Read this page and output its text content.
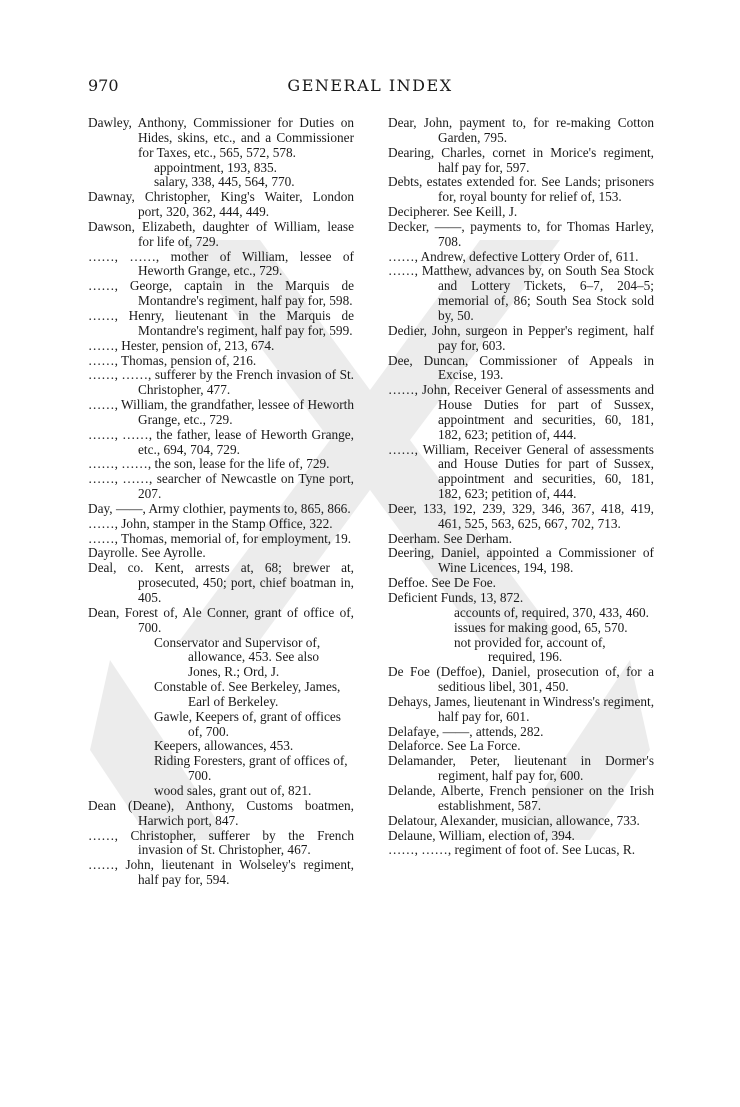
970	GENERAL INDEX

Dawley, Anthony, Commissioner for Duties on Hides, skins, etc., and a Commissioner for Taxes, etc., 565, 572, 578.

appointment, 193, 835.

salary, 338, 445, 564, 770.

Dawnay, Christopher, King's Waiter, London port, 320, 362, 444, 449.

Dawson, Elizabeth, daughter of William, lease for life of, 729.

……, ……, mother of William, lessee of Heworth Grange, etc., 729.

……, George, captain in the Marquis de Montandre's regiment, half pay for, 598.

……, Henry, lieutenant in the Marquis de Montandre's regiment, half pay for, 599.

……, Hester, pension of, 213, 674.

……, Thomas, pension of, 216.

……, ……, sufferer by the French invasion of St. Christopher, 477.

……, William, the grandfather, lessee of Heworth Grange, etc., 729.

……, ……, the father, lease of Heworth Grange, etc., 694, 704, 729.

……, ……, the son, lease for the life of, 729.

……, ……, searcher of Newcastle on Tyne port, 207.

Day, ——, Army clothier, payments to, 865, 866.

……, John, stamper in the Stamp Office, 322.

……, Thomas, memorial of, for employment, 19.

Dayrolle. See Ayrolle.

Deal, co. Kent, arrests at, 68; brewer at, prosecuted, 450; port, chief boatman in, 405.

Dean, Forest of, Ale Conner, grant of office of, 700.

Conservator and Supervisor of, allowance, 453. See also Jones, R.; Ord, J.

Constable of. See Berkeley, James, Earl of Berkeley.

Gawle, Keepers of, grant of offices of, 700.

Keepers, allowances, 453.

Riding Foresters, grant of offices of, 700.

wood sales, grant out of, 821.

Dean (Deane), Anthony, Customs boatmen, Harwich port, 847.

……, Christopher, sufferer by the French invasion of St. Christopher, 467.

……, John, lieutenant in Wolseley's regiment, half pay for, 594.

Dear, John, payment to, for re-making Cotton Garden, 795.

Dearing, Charles, cornet in Morice's regiment, half pay for, 597.

Debts, estates extended for. See Lands; prisoners for, royal bounty for relief of, 153.

Decipherer. See Keill, J.

Decker, ——, payments to, for Thomas Harley, 708.

……, Andrew, defective Lottery Order of, 611.

……, Matthew, advances by, on South Sea Stock and Lottery Tickets, 6–7, 204–5; memorial of, 86; South Sea Stock sold by, 50.

Dedier, John, surgeon in Pepper's regiment, half pay for, 603.

Dee, Duncan, Commissioner of Appeals in Excise, 193.

……, John, Receiver General of assessments and House Duties for part of Sussex, appointment and securities, 60, 181, 182, 623; petition of, 444.

……, William, Receiver General of assessments and House Duties for part of Sussex, appointment and securities, 60, 181, 182, 623; petition of, 444.

Deer, 133, 192, 239, 329, 346, 367, 418, 419, 461, 525, 563, 625, 667, 702, 713.

Deerham. See Derham.

Deering, Daniel, appointed a Commissioner of Wine Licences, 194, 198.

Deffoe. See De Foe.

Deficient Funds, 13, 872.

accounts of, required, 370, 433, 460.

issues for making good, 65, 570.

not provided for, account of, required, 196.

De Foe (Deffoe), Daniel, prosecution of, for a seditious libel, 301, 450.

Dehays, James, lieutenant in Windress's regiment, half pay for, 601.

Delafaye, ——, attends, 282.

Delaforce. See La Force.

Delamander, Peter, lieutenant in Dormer's regiment, half pay for, 600.

Delande, Alberte, French pensioner on the Irish establishment, 587.

Delatour, Alexander, musician, allowance, 733.

Delaune, William, election of, 394.

……, ……, regiment of foot of. See Lucas, R.
